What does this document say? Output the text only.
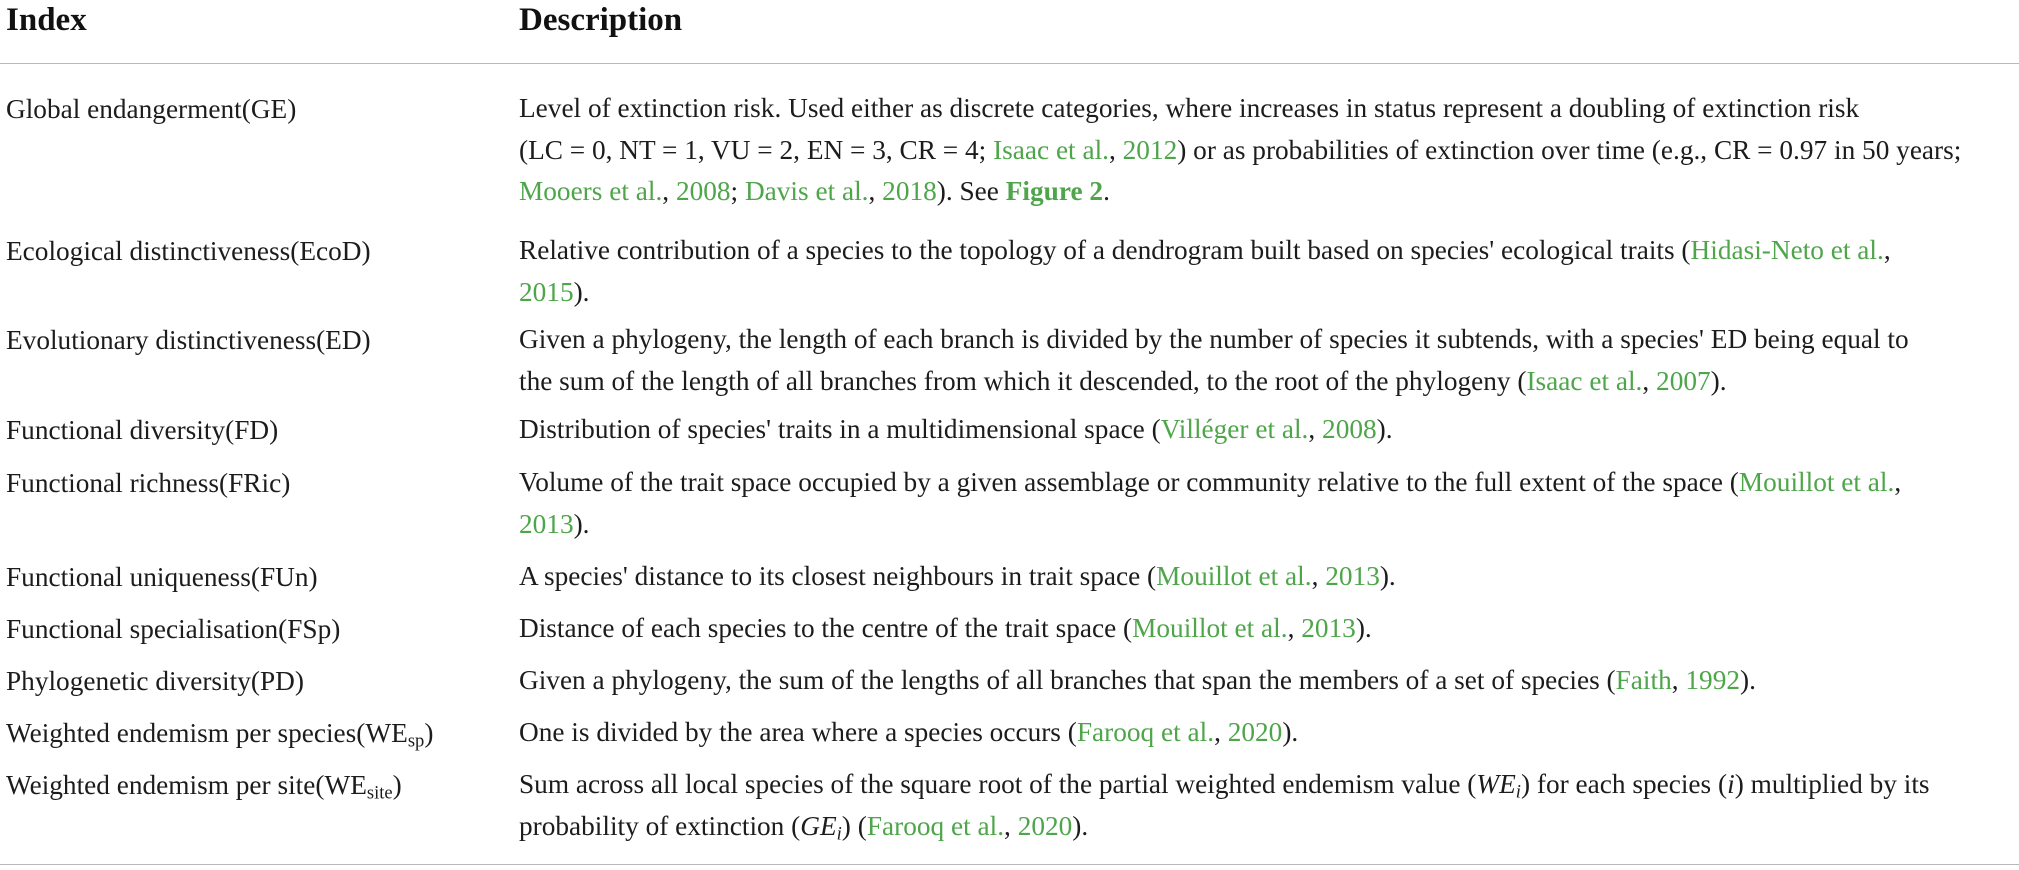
Index	Description
Global endangerment(GE)	Level of extinction risk. Used either as discrete categories, where increases in status represent a doubling of extinction risk
(LC = 0, NT = 1, VU = 2, EN = 3, CR = 4; Isaac et al., 2012) or as probabilities of extinction over time (e.g., CR = 0.97 in 50 years;
Mooers et al., 2008; Davis et al., 2018). See Figure 2.
Ecological distinctiveness(EcoD)	Relative contribution of a species to the topology of a dendrogram built based on species' ecological traits (Hidasi-Neto et al.,
2015).
Evolutionary distinctiveness(ED)	Given a phylogeny, the length of each branch is divided by the number of species it subtends, with a species' ED being equal to
the sum of the length of all branches from which it descended, to the root of the phylogeny (Isaac et al., 2007).
Functional diversity(FD)	Distribution of species' traits in a multidimensional space (Villéger et al., 2008).
Functional richness(FRic)	Volume of the trait space occupied by a given assemblage or community relative to the full extent of the space (Mouillot et al.,
2013).
Functional uniqueness(FUn)	A species' distance to its closest neighbours in trait space (Mouillot et al., 2013).
Functional specialisation(FSp)	Distance of each species to the centre of the trait space (Mouillot et al., 2013).
Phylogenetic diversity(PD)	Given a phylogeny, the sum of the lengths of all branches that span the members of a set of species (Faith, 1992).
Weighted endemism per $species(WE_{sp})$	One is divided by the area where a species occurs (Farooq et al., 2020).
Weighted endemism per $site(WE_{site})$	Sum across all local species of the square root of the partial weighted endemism value $(WE_i)$ for each species (i) multiplied by its
probability of extinction $(GE_i)$ (Farooq et al., 2020).
